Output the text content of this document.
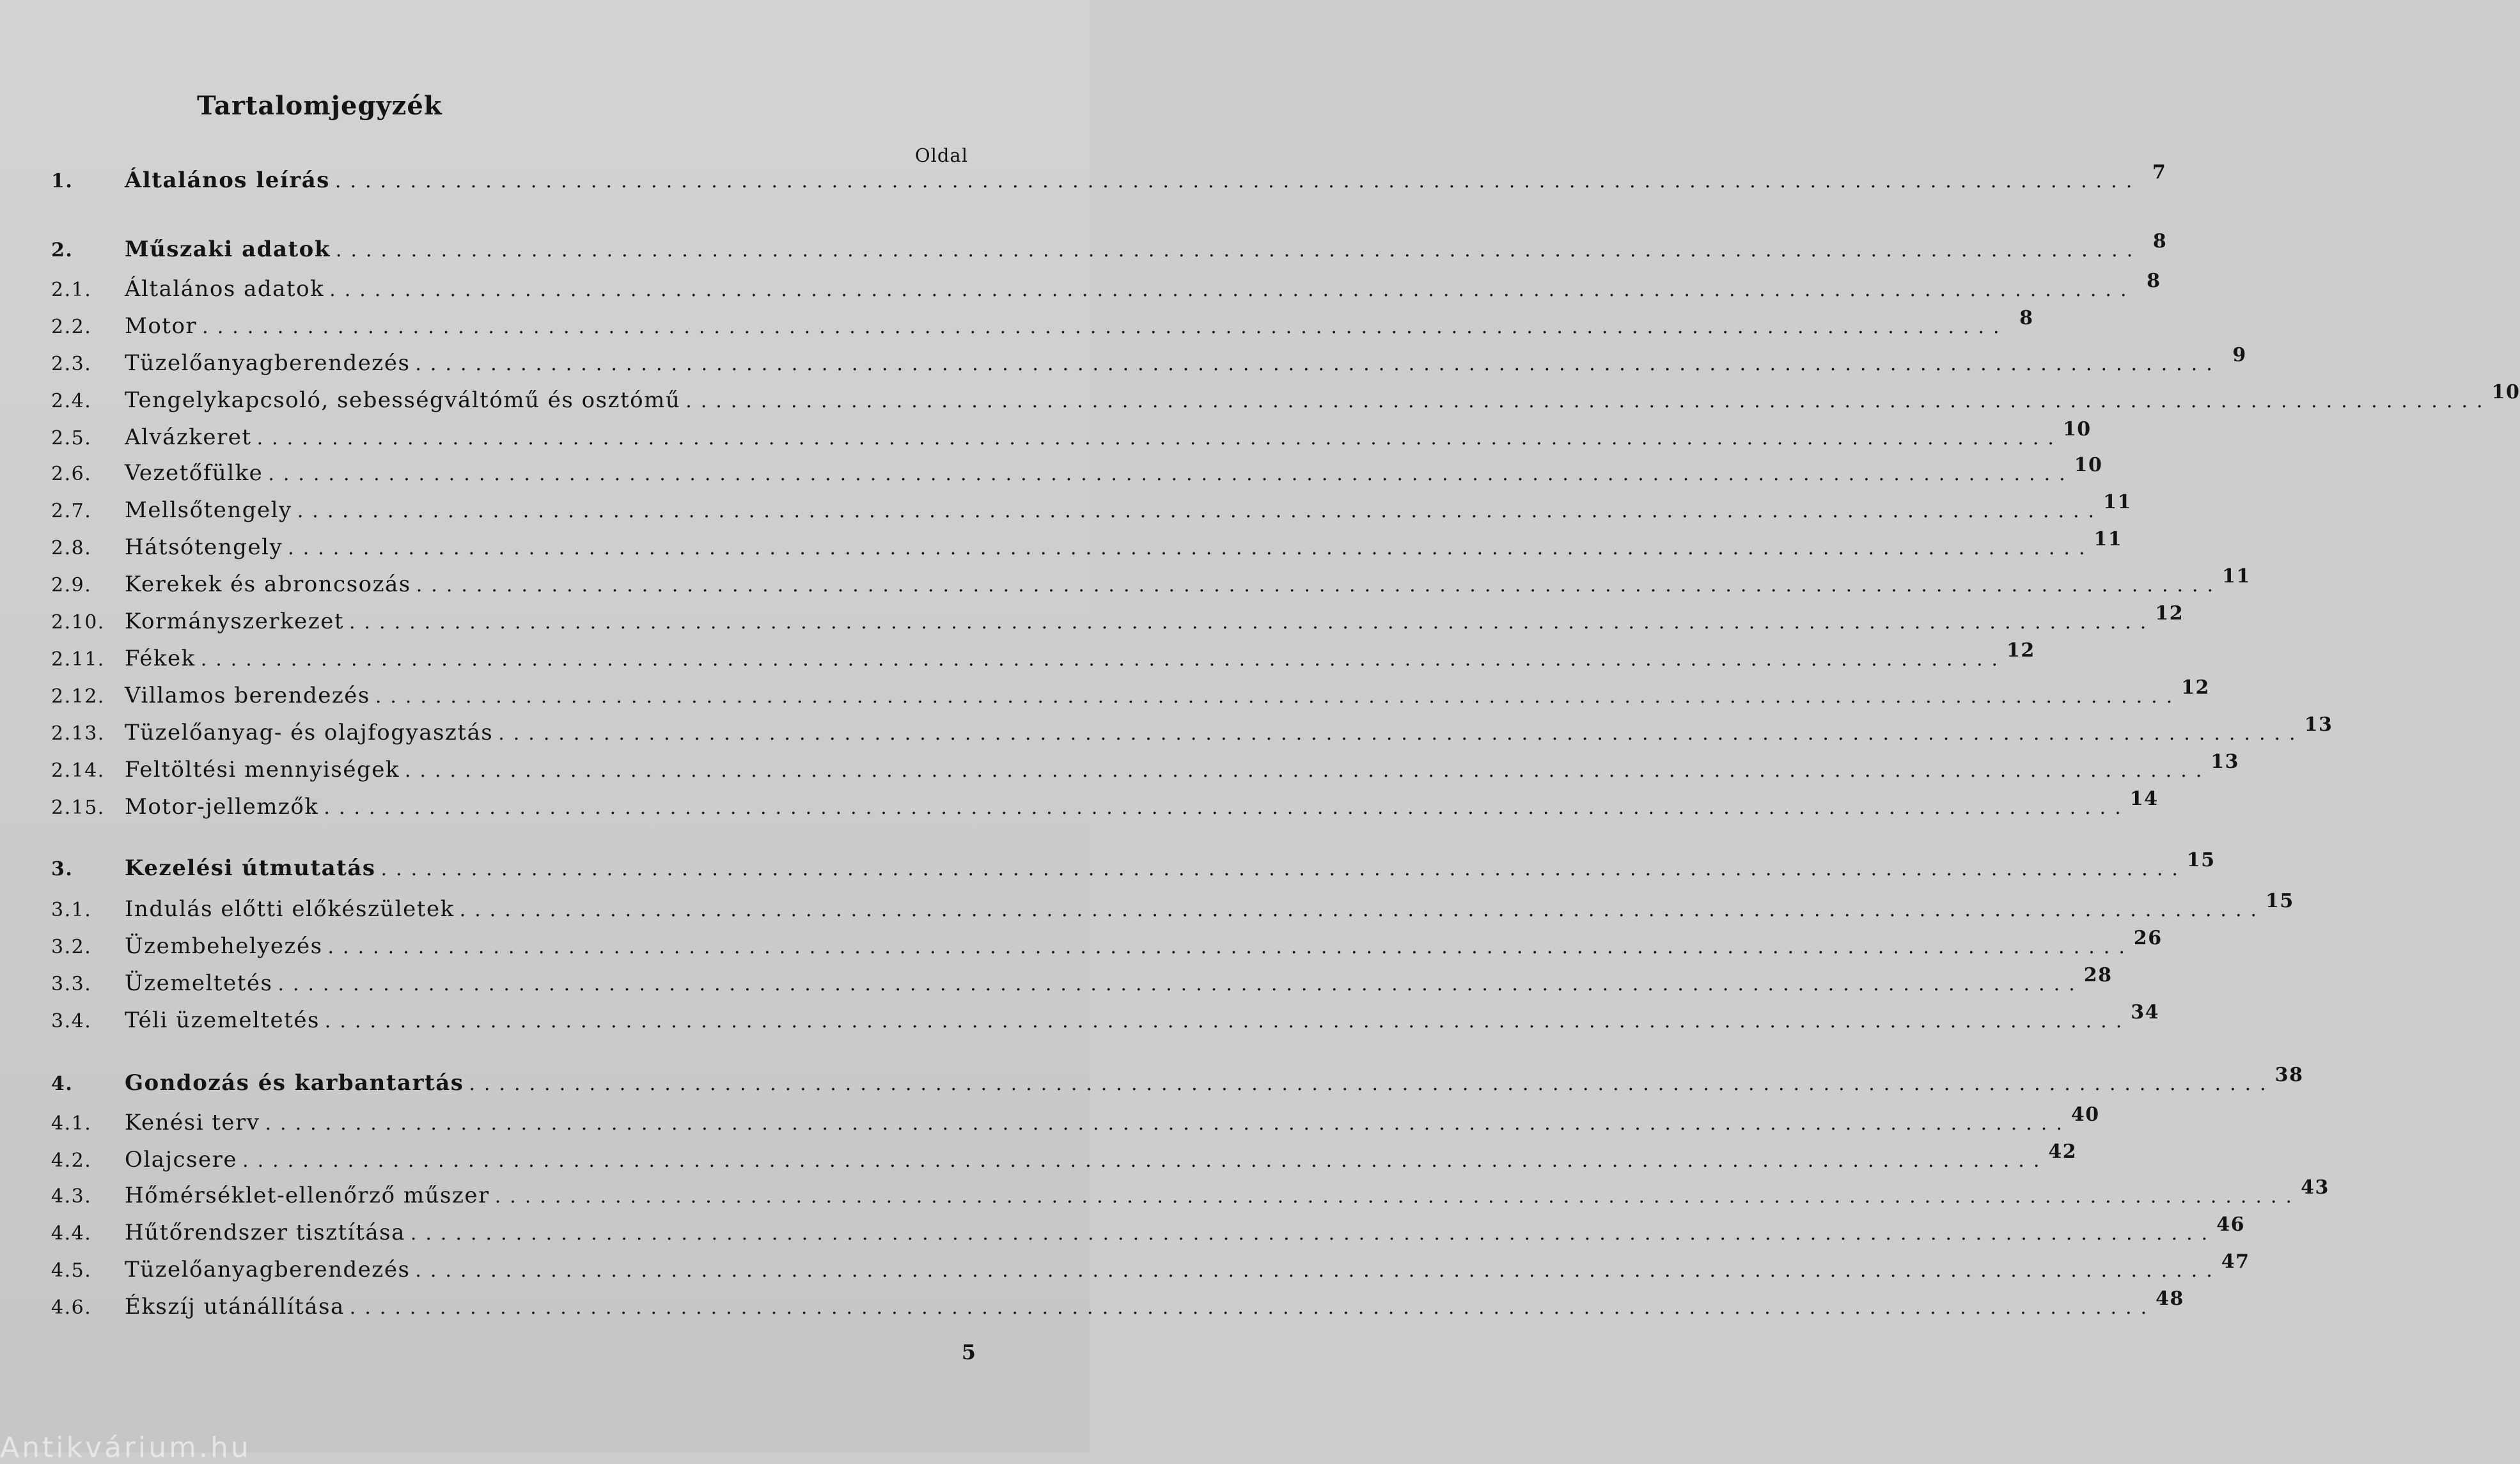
Tartalomjegyzék
Oldal
1.	Általános leírás ........................................................................................................................ 7
2.	Műszaki adatok ........................................................................................................................ 8
2.1.	Általános adatok ........................................................................................................................ 8
2.2.	Motor ........................................................................................................................ 8
2.3.	Tüzelőanyagberendezés ........................................................................................................................ 9
2.4.	Tengelykapcsoló, sebességváltómű és osztómű ........................................................................................................................ 10
2.5.	Alvázkeret ........................................................................................................................ 10
2.6.	Vezetőfülke ........................................................................................................................ 10
2.7.	Mellsőtengely ........................................................................................................................ 11
2.8.	Hátsótengely ........................................................................................................................ 11
2.9.	Kerekek és abroncsozás ........................................................................................................................ 11
2.10. Kormányszerkezet ........................................................................................................................ 12
2.11. Fékek ........................................................................................................................ 12
2.12. Villamos berendezés ........................................................................................................................ 12
2.13. Tüzelőanyag- és olajfogyasztás ........................................................................................................................ 13
2.14. Feltöltési mennyiségek ........................................................................................................................ 13
2.15. Motor-jellemzők ........................................................................................................................ 14
3.	Kezelési útmutatás ........................................................................................................................ 15
3.1.	Indulás előtti előkészületek ........................................................................................................................ 15
3.2.	Üzembehelyezés ........................................................................................................................ 26
3.3.	Üzemeltetés ........................................................................................................................ 28
3.4.	Téli üzemeltetés ........................................................................................................................ 34
4.	Gondozás és karbantartás ........................................................................................................................ 38
4.1.	Kenési terv ........................................................................................................................ 40
4.2.	Olajcsere ........................................................................................................................ 42
4.3.	Hőmérséklet-ellenőrző műszer ........................................................................................................................ 43
4.4.	Hűtőrendszer tisztítása ........................................................................................................................ 46
4.5.	Tüzelőanyagberendezés ........................................................................................................................ 47
4.6.	Ékszíj utánállítása ........................................................................................................................ 48
5
Antikvárium.hu
